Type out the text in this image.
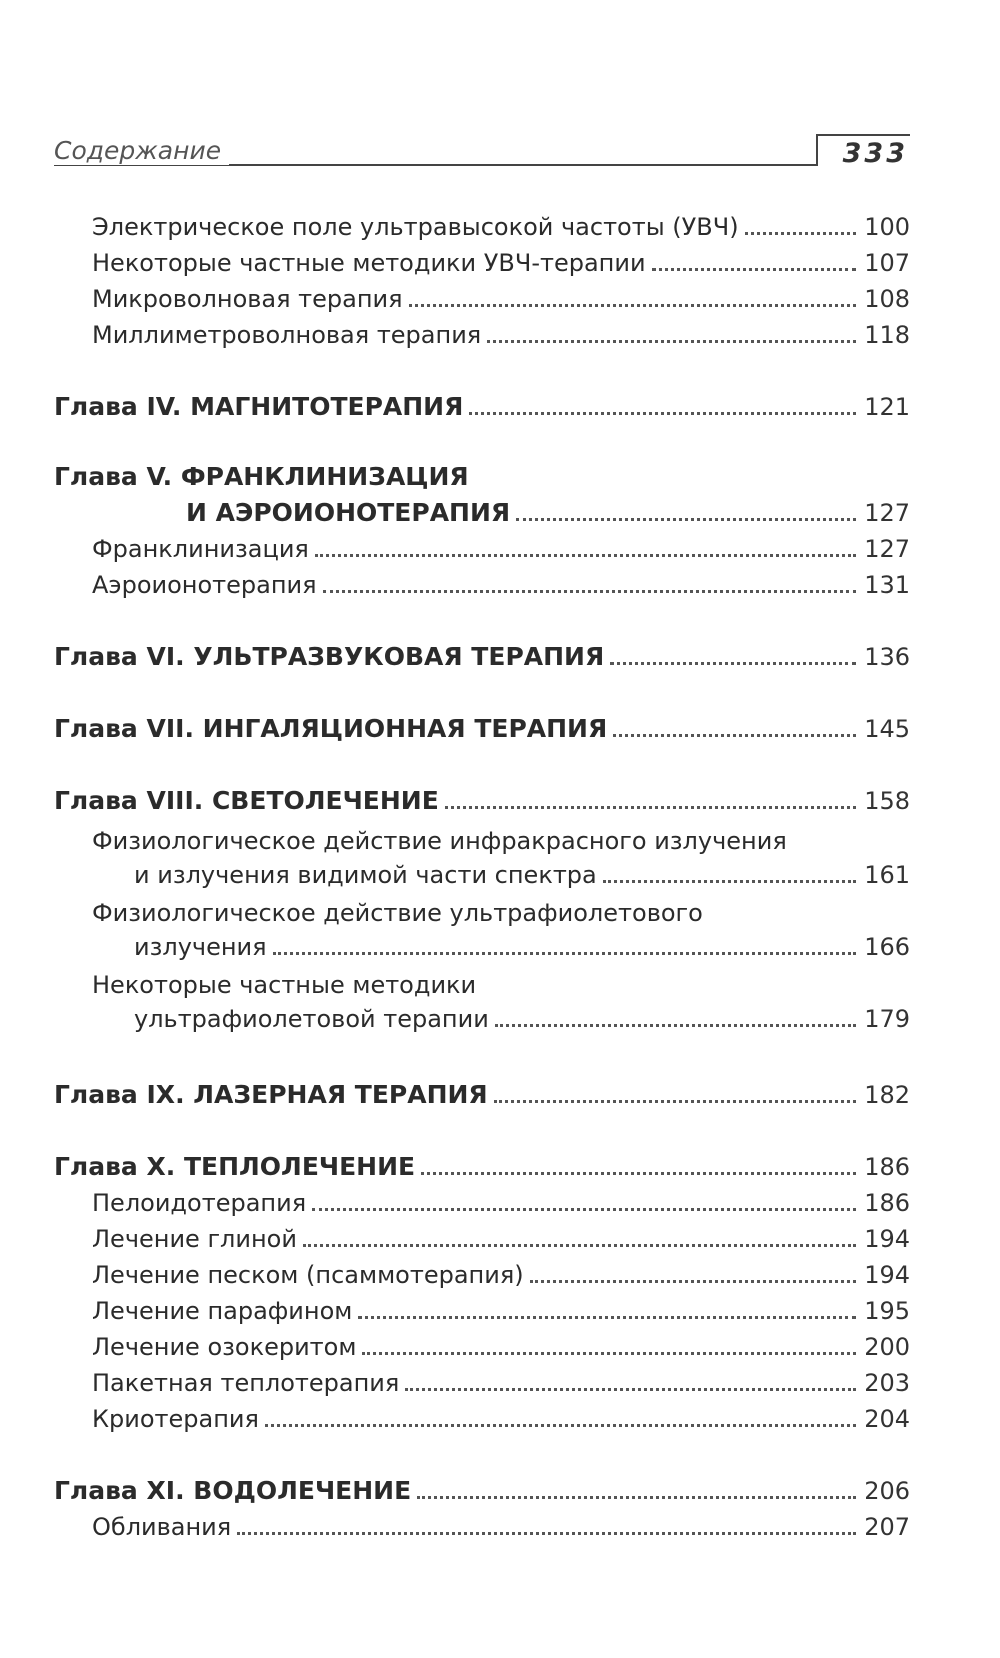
Содержание	333
Электрическое поле ультравысокой частоты (УВЧ)	100
Некоторые частные методики УВЧ-терапии	107
Микроволновая терапия	108
Миллиметроволновая терапия	118
Глава IV. МАГНИТОТЕРАПИЯ	121
Глава V. ФРАНКЛИНИЗАЦИЯ
И АЭРОИОНОТЕРАПИЯ	127
Франклинизация	127
Аэроионотерапия	131
Глава VI. УЛЬТРАЗВУКОВАЯ ТЕРАПИЯ	136
Глава VII. ИНГАЛЯЦИОННАЯ ТЕРАПИЯ	145
Глава VIII. СВЕТОЛЕЧЕНИЕ	158
Физиологическое действие инфракрасного излучения
и излучения видимой части спектра	161
Физиологическое действие ультрафиолетового
излучения	166
Некоторые частные методики
ультрафиолетовой терапии	179
Глава IX. ЛАЗЕРНАЯ ТЕРАПИЯ	182
Глава X. ТЕПЛОЛЕЧЕНИЕ	186
Пелоидотерапия	186
Лечение глиной	194
Лечение песком (псаммотерапия)	194
Лечение парафином	195
Лечение озокеритом	200
Пакетная теплотерапия	203
Криотерапия	204
Глава XI. ВОДОЛЕЧЕНИЕ	206
Обливания	207
